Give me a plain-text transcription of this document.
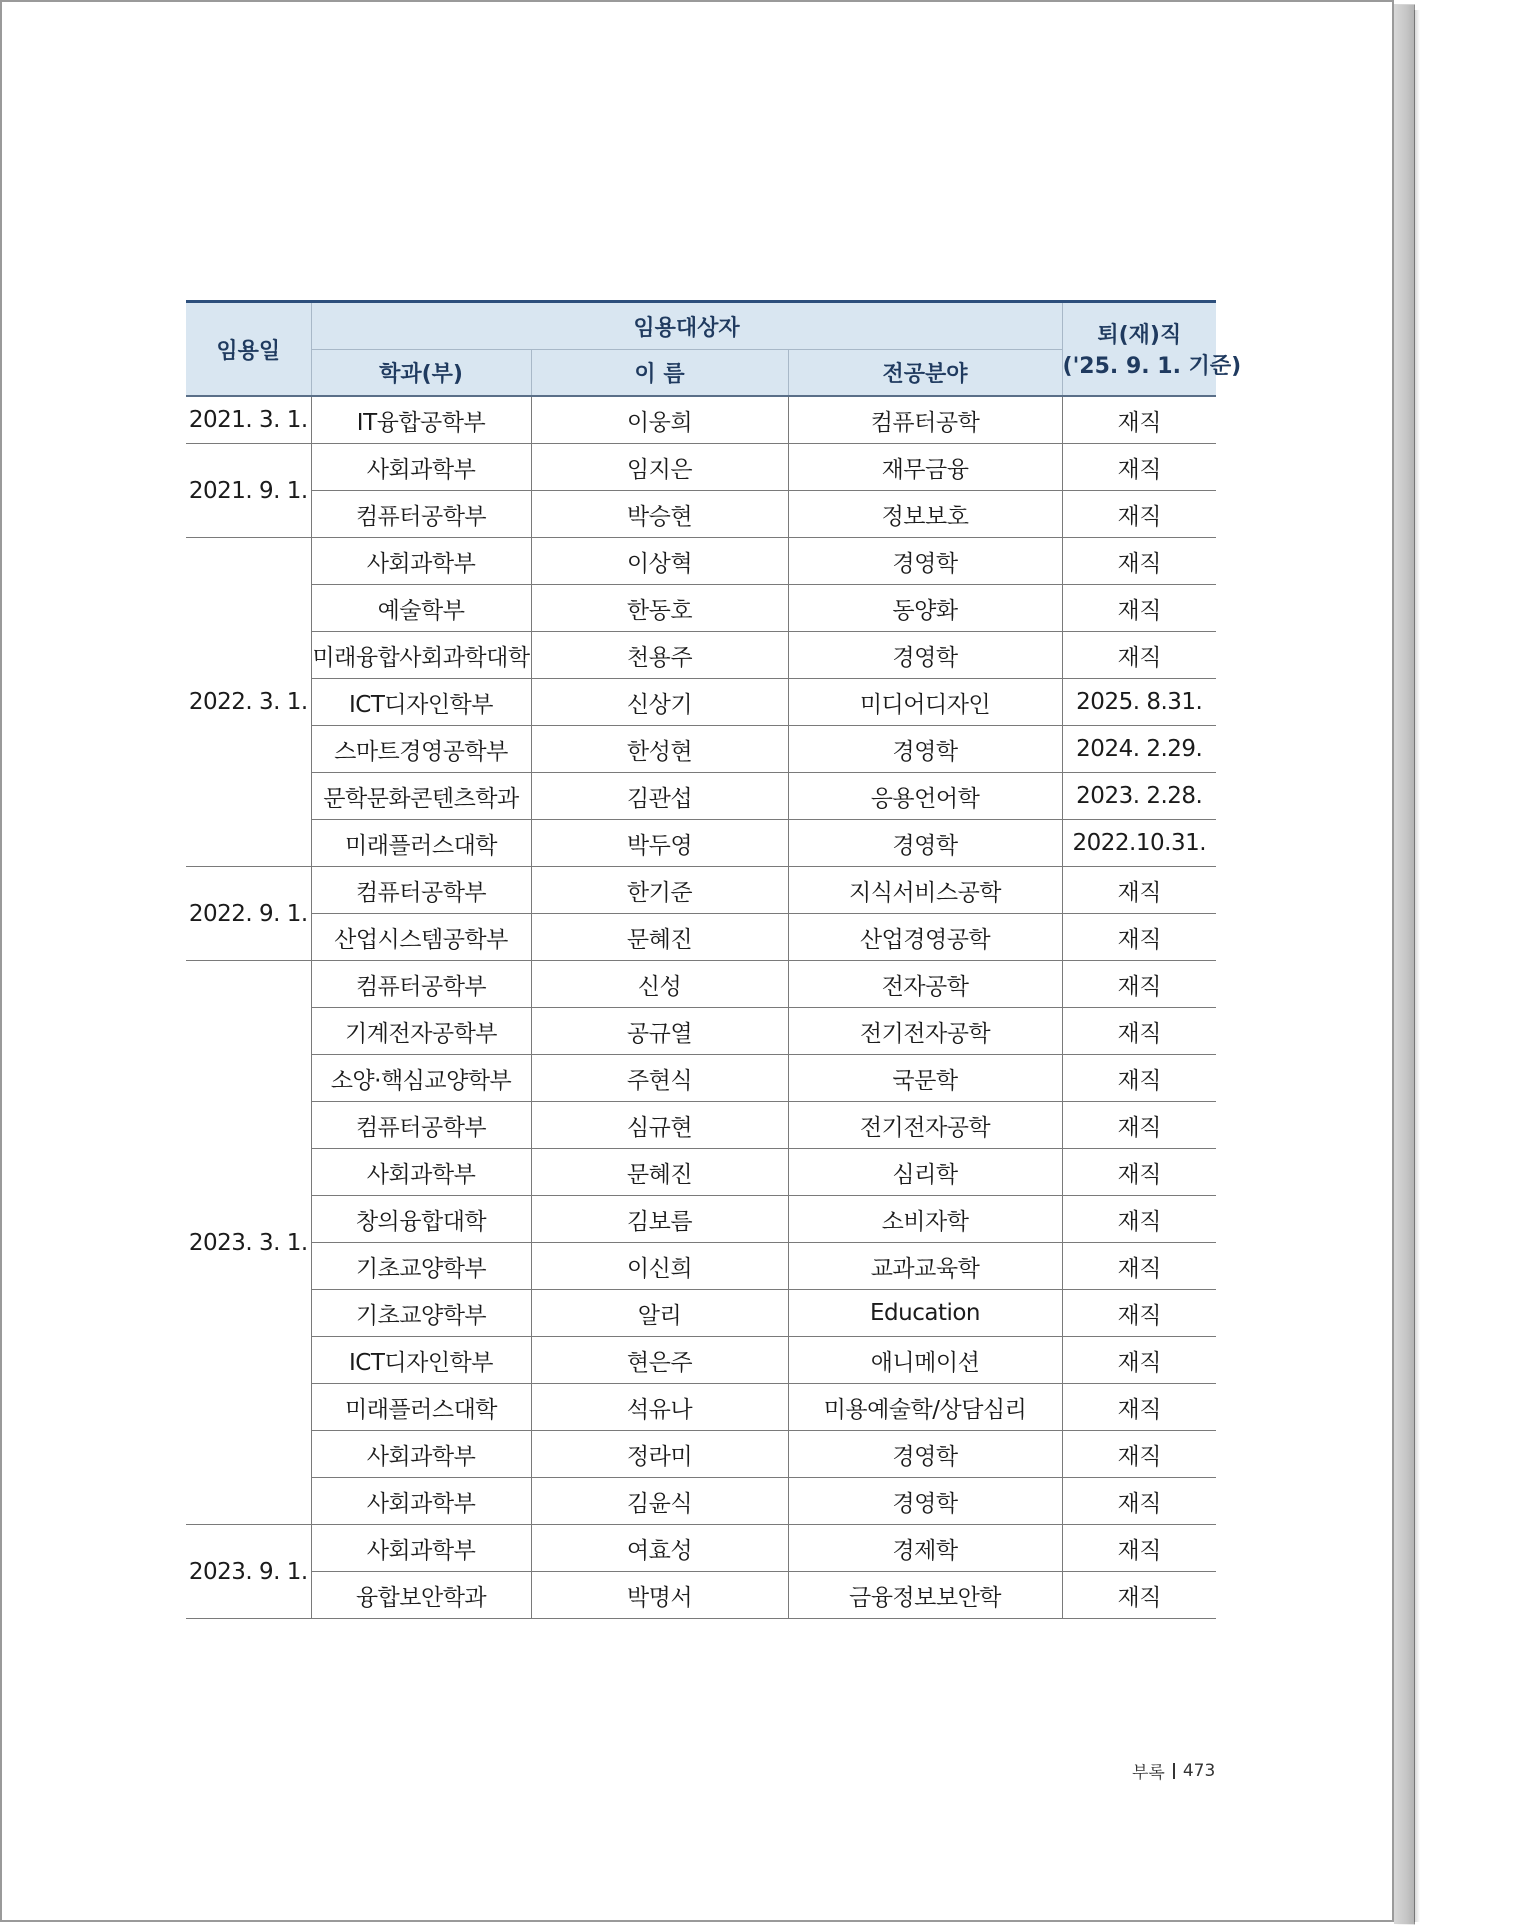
임용일	임용대상자			퇴(재)직
('25. 9. 1. 기준)

	학과(부)	이 름	전공분야	
2021. 3. 1.	IT융합공학부	이웅희	컴퓨터공학	재직
2021. 9. 1.	사회과학부	임지은	재무금융	재직
	컴퓨터공학부	박승현	정보보호	재직
2022. 3. 1.	사회과학부	이상혁	경영학	재직
	예술학부	한동호	동양화	재직
	미래융합사회과학대학	천용주	경영학	재직
	ICT디자인학부	신상기	미디어디자인	2025. 8.31.
	스마트경영공학부	한성현	경영학	2024. 2.29.
	문학문화콘텐츠학과	김관섭	응용언어학	2023. 2.28.
	미래플러스대학	박두영	경영학	2022.10.31.
2022. 9. 1.	컴퓨터공학부	한기준	지식서비스공학	재직
	산업시스템공학부	문혜진	산업경영공학	재직
2023. 3. 1.	컴퓨터공학부	신성	전자공학	재직
	기계전자공학부	공규열	전기전자공학	재직
	소양·핵심교양학부	주현식	국문학	재직
	컴퓨터공학부	심규현	전기전자공학	재직
	사회과학부	문혜진	심리학	재직
	창의융합대학	김보름	소비자학	재직
	기초교양학부	이신희	교과교육학	재직
	기초교양학부	알리	Education	재직
	ICT디자인학부	현은주	애니메이션	재직
	미래플러스대학	석유나	미용예술학/상담심리	재직
	사회과학부	정라미	경영학	재직
	사회과학부	김윤식	경영학	재직
2023. 9. 1.	사회과학부	여효성	경제학	재직
	융합보안학과	박명서	금융정보보안학	재직
부록 473
